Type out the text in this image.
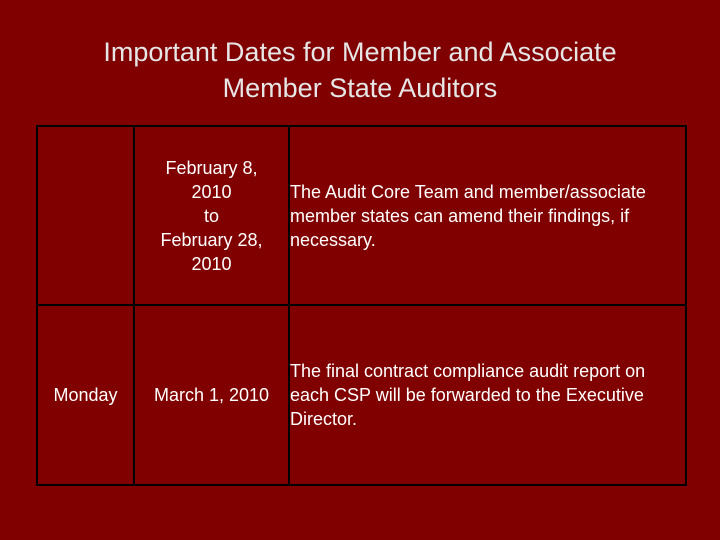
Important Dates for Member and Associate
Member State Auditors

	February 8,
2010
to
February 28,
2010	The Audit Core Team and member/associate member states can amend their findings, if necessary.
Monday	March 1, 2010	The final contract compliance audit report on each CSP will be forwarded to the Executive Director.
